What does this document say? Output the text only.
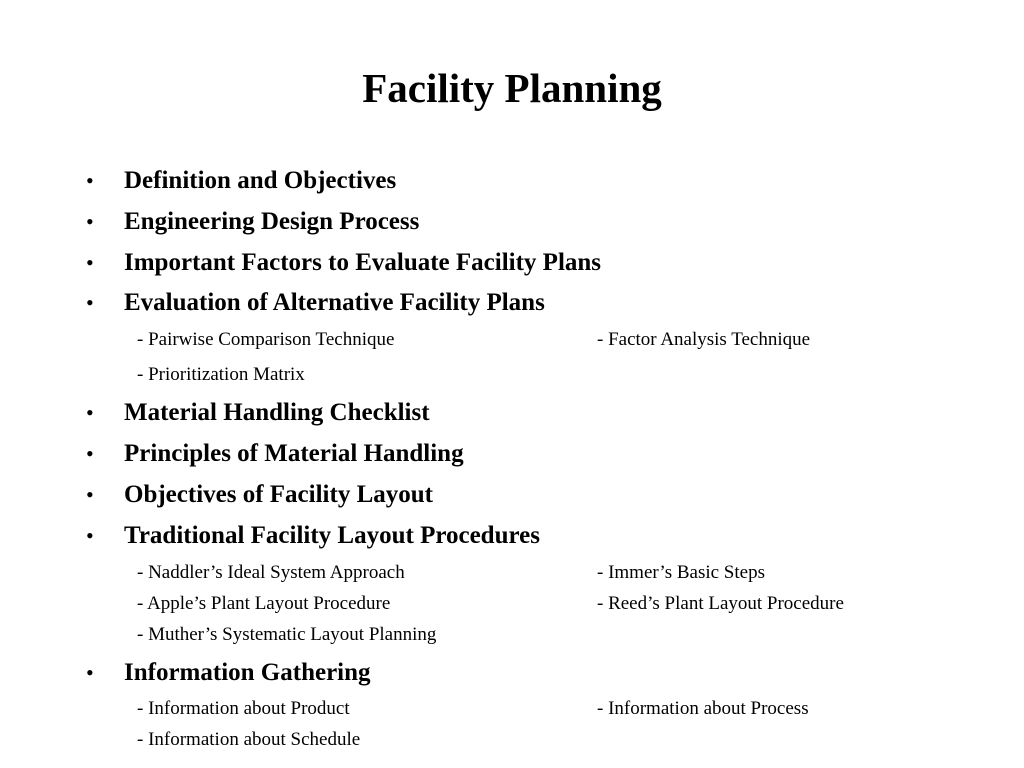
Facility Planning
•	Definition and Objectives
•	Engineering Design Process
•	Important Factors to Evaluate Facility Plans
•	Evaluation of Alternative Facility Plans
- Pairwise Comparison Technique	- Factor Analysis Technique
- Prioritization Matrix
•	Material Handling Checklist
•	Principles of Material Handling
•	Objectives of Facility Layout
•	Traditional Facility Layout Procedures
- Naddler’s Ideal System Approach	- Immer’s Basic Steps
- Apple’s Plant Layout Procedure	- Reed’s Plant Layout Procedure
- Muther’s Systematic Layout Planning
•	Information Gathering
- Information about Product	- Information about Process
- Information about Schedule
